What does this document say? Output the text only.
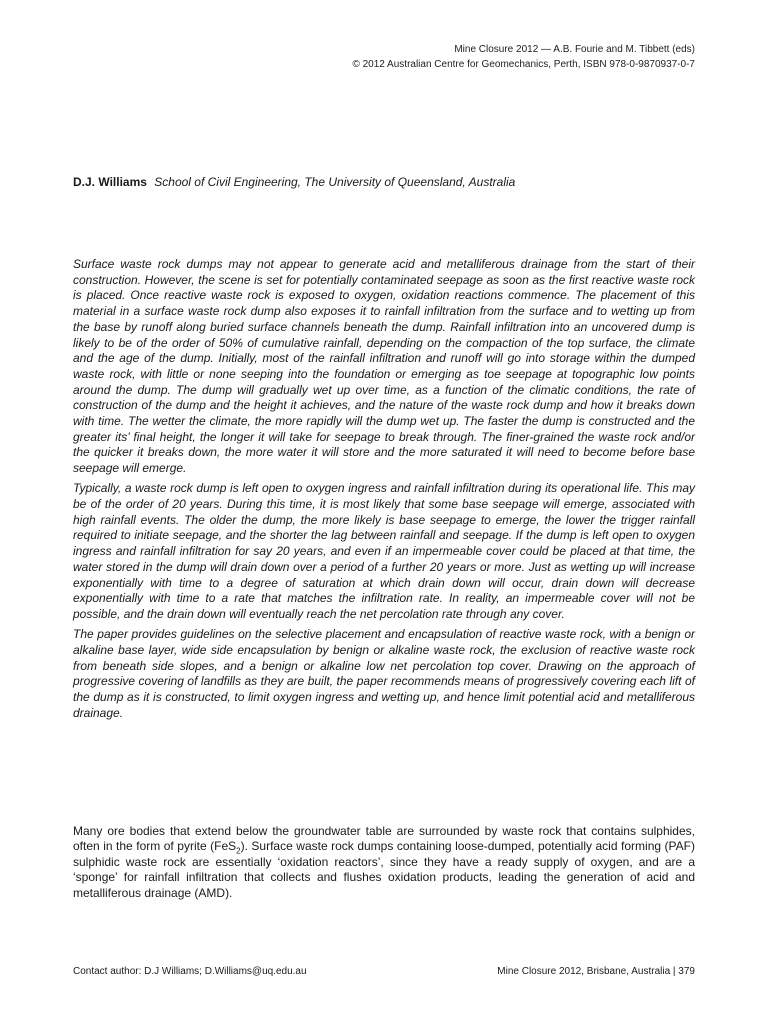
Mine Closure 2012 — A.B. Fourie and M. Tibbett (eds)
© 2012 Australian Centre for Geomechanics, Perth, ISBN 978-0-9870937-0-7
D.J. Williams School of Civil Engineering, The University of Queensland, Australia

Surface waste rock dumps may not appear to generate acid and metalliferous drainage from the start of their construction. However, the scene is set for potentially contaminated seepage as soon as the first reactive waste rock is placed. Once reactive waste rock is exposed to oxygen, oxidation reactions commence. The placement of this material in a surface waste rock dump also exposes it to rainfall infiltration from the surface and to wetting up from the base by runoff along buried surface channels beneath the dump. Rainfall infiltration into an uncovered dump is likely to be of the order of 50% of cumulative rainfall, depending on the compaction of the top surface, the climate and the age of the dump. Initially, most of the rainfall infiltration and runoff will go into storage within the dumped waste rock, with little or none seeping into the foundation or emerging as toe seepage at topographic low points around the dump. The dump will gradually wet up over time, as a function of the climatic conditions, the rate of construction of the dump and the height it achieves, and the nature of the waste rock dump and how it breaks down with time. The wetter the climate, the more rapidly will the dump wet up. The faster the dump is constructed and the greater its’ final height, the longer it will take for seepage to break through. The finer-grained the waste rock and/or the quicker it breaks down, the more water it will store and the more saturated it will need to become before base seepage will emerge.

Typically, a waste rock dump is left open to oxygen ingress and rainfall infiltration during its operational life. This may be of the order of 20 years. During this time, it is most likely that some base seepage will emerge, associated with high rainfall events. The older the dump, the more likely is base seepage to emerge, the lower the trigger rainfall required to initiate seepage, and the shorter the lag between rainfall and seepage. If the dump is left open to oxygen ingress and rainfall infiltration for say 20 years, and even if an impermeable cover could be placed at that time, the water stored in the dump will drain down over a period of a further 20 years or more. Just as wetting up will increase exponentially with time to a degree of saturation at which drain down will occur, drain down will decrease exponentially with time to a rate that matches the infiltration rate. In reality, an impermeable cover will not be possible, and the drain down will eventually reach the net percolation rate through any cover.

The paper provides guidelines on the selective placement and encapsulation of reactive waste rock, with a benign or alkaline base layer, wide side encapsulation by benign or alkaline waste rock, the exclusion of reactive waste rock from beneath side slopes, and a benign or alkaline low net percolation top cover. Drawing on the approach of progressive covering of landfills as they are built, the paper recommends means of progressively covering each lift of the dump as it is constructed, to limit oxygen ingress and wetting up, and hence limit potential acid and metalliferous drainage.

Many ore bodies that extend below the groundwater table are surrounded by waste rock that contains sulphides, often in the form of pyrite (FeS$_2$). Surface waste rock dumps containing loose-dumped, potentially acid forming (PAF) sulphidic waste rock are essentially ‘oxidation reactors’, since they have a ready supply of oxygen, and are a ‘sponge’ for rainfall infiltration that collects and flushes oxidation products, leading the generation of acid and metalliferous drainage (AMD).

Contact author: D.J Williams; D.Williams@uq.edu.au	Mine Closure 2012, Brisbane, Australia | 379
